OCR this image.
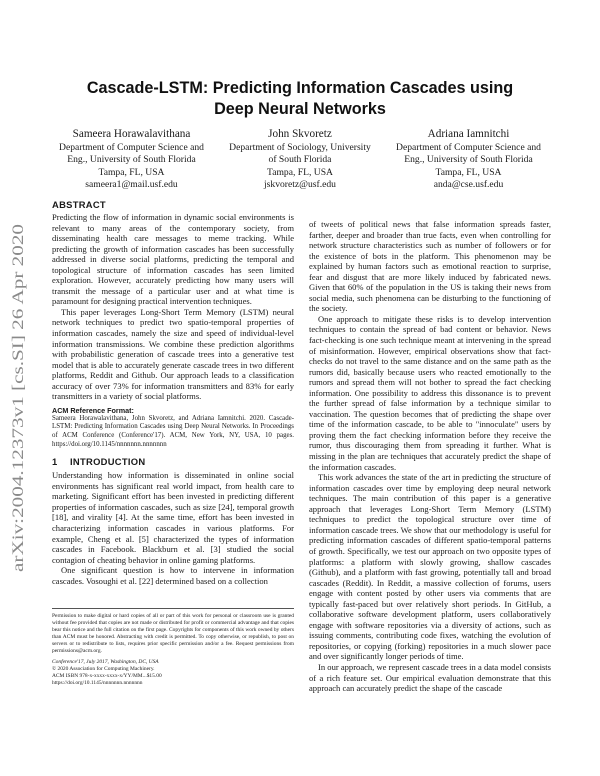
arXiv:2004.12373v1 [cs.SI] 26 Apr 2020
Cascade-LSTM: Predicting Information Cascades using
Deep Neural Networks
Sameera Horawalavithana
Department of Computer Science and
Eng., University of South Florida
Tampa, FL, USA
sameera1@mail.usf.edu
John Skvoretz
Department of Sociology, University
of South Florida
Tampa, FL, USA
jskvoretz@usf.edu
Adriana Iamnitchi
Department of Computer Science and
Eng., University of South Florida
Tampa, FL, USA
anda@cse.usf.edu
ABSTRACT

Predicting the flow of information in dynamic social environments is relevant to many areas of the contemporary society, from disseminating health care messages to meme tracking. While predicting the growth of information cascades has been successfully addressed in diverse social platforms, predicting the temporal and topological structure of information cascades has seen limited exploration. However, accurately predicting how many users will transmit the message of a particular user and at what time is paramount for designing practical intervention techniques.

This paper leverages Long-Short Term Memory (LSTM) neural network techniques to predict two spatio-temporal properties of information cascades, namely the size and speed of individual-level information transmissions. We combine these prediction algorithms with probabilistic generation of cascade trees into a generative test model that is able to accurately generate cascade trees in two different platforms, Reddit and Github. Our approach leads to a classification accuracy of over 73% for information transmitters and 83% for early transmitters in a variety of social platforms.

ACM Reference Format:
Sameera Horawalavithana, John Skvoretz, and Adriana Iamnitchi. 2020. Cascade-LSTM: Predicting Information Cascades using Deep Neural Networks. In Proceedings of ACM Conference (Conference'17). ACM, New York, NY, USA, 10 pages. https://doi.org/10.1145/nnnnnnn.nnnnnnn
1 INTRODUCTION

Understanding how information is disseminated in online social environments has significant real world impact, from health care to marketing. Significant effort has been invested in predicting different properties of information cascades, such as size [24], temporal growth [18], and virality [4]. At the same time, effort has been invested in characterizing information cascades in various platforms. For example, Cheng et al. [5] characterized the types of information cascades in Facebook. Blackburn et al. [3] studied the social contagion of cheating behavior in online gaming platforms.

One significant question is how to intervene in information cascades. Vosoughi et al. [22] determined based on a collection

Permission to make digital or hard copies of all or part of this work for personal or classroom use is granted without fee provided that copies are not made or distributed for profit or commercial advantage and that copies bear this notice and the full citation on the first page. Copyrights for components of this work owned by others than ACM must be honored. Abstracting with credit is permitted. To copy otherwise, or republish, to post on servers or to redistribute to lists, requires prior specific permission and/or a fee. Request permissions from permissions@acm.org.

Conference'17, July 2017, Washington, DC, USA

© 2020 Association for Computing Machinery.

ACM ISBN 978-x-xxxx-xxxx-x/YY/MM...$15.00

https://doi.org/10.1145/nnnnnnn.nnnnnnn

of tweets of political news that false information spreads faster, farther, deeper and broader than true facts, even when controlling for network structure characteristics such as number of followers or for the existence of bots in the platform. This phenomenon may be explained by human factors such as emotional reaction to surprise, fear and disgust that are more likely induced by fabricated news. Given that 60% of the population in the US is taking their news from social media, such phenomena can be disturbing to the functioning of the society.

One approach to mitigate these risks is to develop intervention techniques to contain the spread of bad content or behavior. News fact-checking is one such technique meant at intervening in the spread of misinformation. However, empirical observations show that fact-checks do not travel to the same distance and on the same path as the rumors did, basically because users who reacted emotionally to the rumors and spread them will not bother to spread the fact checking information. One possibility to address this dissonance is to prevent the further spread of false information by a technique similar to vaccination. The question becomes that of predicting the shape over time of the information cascade, to be able to "innoculate" users by proving them the fact checking information before they receive the rumor, thus discouraging them from spreading it further. What is missing in the plan are techniques that accurately predict the shape of the information cascades.

This work advances the state of the art in predicting the structure of information cascades over time by employing deep neural network techniques. The main contribution of this paper is a generative approach that leverages Long-Short Term Memory (LSTM) techniques to predict the topological structure over time of information cascade trees. We show that our methodology is useful for predicting information cascades of different spatio-temporal patterns of growth. Specifically, we test our approach on two opposite types of platforms: a platform with slowly growing, shallow cascades (Github), and a platform with fast growing, potentially tall and broad cascades (Reddit). In Reddit, a massive collection of forums, users engage with content posted by other users via comments that are typically fast-paced but over relatively short periods. In GitHub, a collaborative software development platform, users collaboratively engage with software repositories via a diversity of actions, such as issuing comments, contributing code fixes, watching the evolution of repositories, or copying (forking) repositories in a much slower pace and over significantly longer periods of time.

In our approach, we represent cascade trees in a data model consists of a rich feature set. Our empirical evaluation demonstrate that this approach can accurately predict the shape of the cascade
